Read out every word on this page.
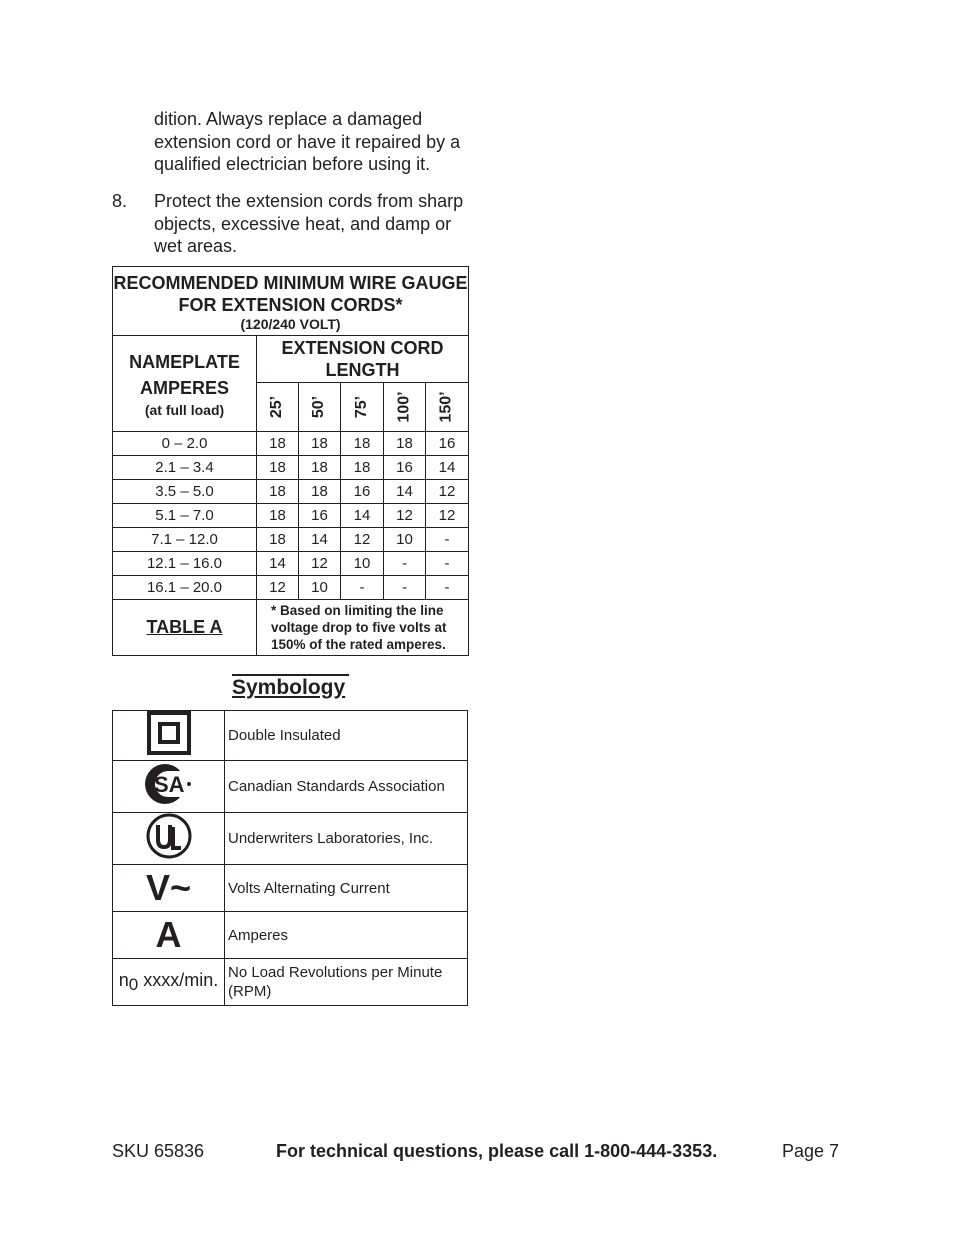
dition. Always replace a damaged extension cord or have it repaired by a qualified electrician before using it.
8. Protect the extension cords from sharp objects, excessive heat, and damp or wet areas.
RECOMMENDED MINIMUM WIRE GAUGE FOR EXTENSION CORDS*
(120/240 VOLT)					

NAMEPLATE AMPERES
(at full load)	EXTENSION CORD LENGTH				
	25’	50’	75’	100’	150’
0 – 2.0	18	18	18	18	16
2.1 – 3.4	18	18	18	16	14
3.5 – 5.0	18	18	16	14	12
5.1 – 7.0	18	16	14	12	12
7.1 – 12.0	18	14	12	10	-
12.1 – 16.0	14	12	10	-	-
16.1 – 20.0	12	10	-	-	-
TABLE A	* Based on limiting the line voltage drop to five volts at 150% of the rated amperes.				
Symbology
	Double Insulated

SA	Canadian Standards Association
	Underwriters Laboratories, Inc.
V~	Volts Alternating Current
A	Amperes
$n_0$ xxxx/min.	No Load Revolutions per Minute (RPM)
SKU 65836	For technical questions, please call 1-800-444-3353.	Page 7
